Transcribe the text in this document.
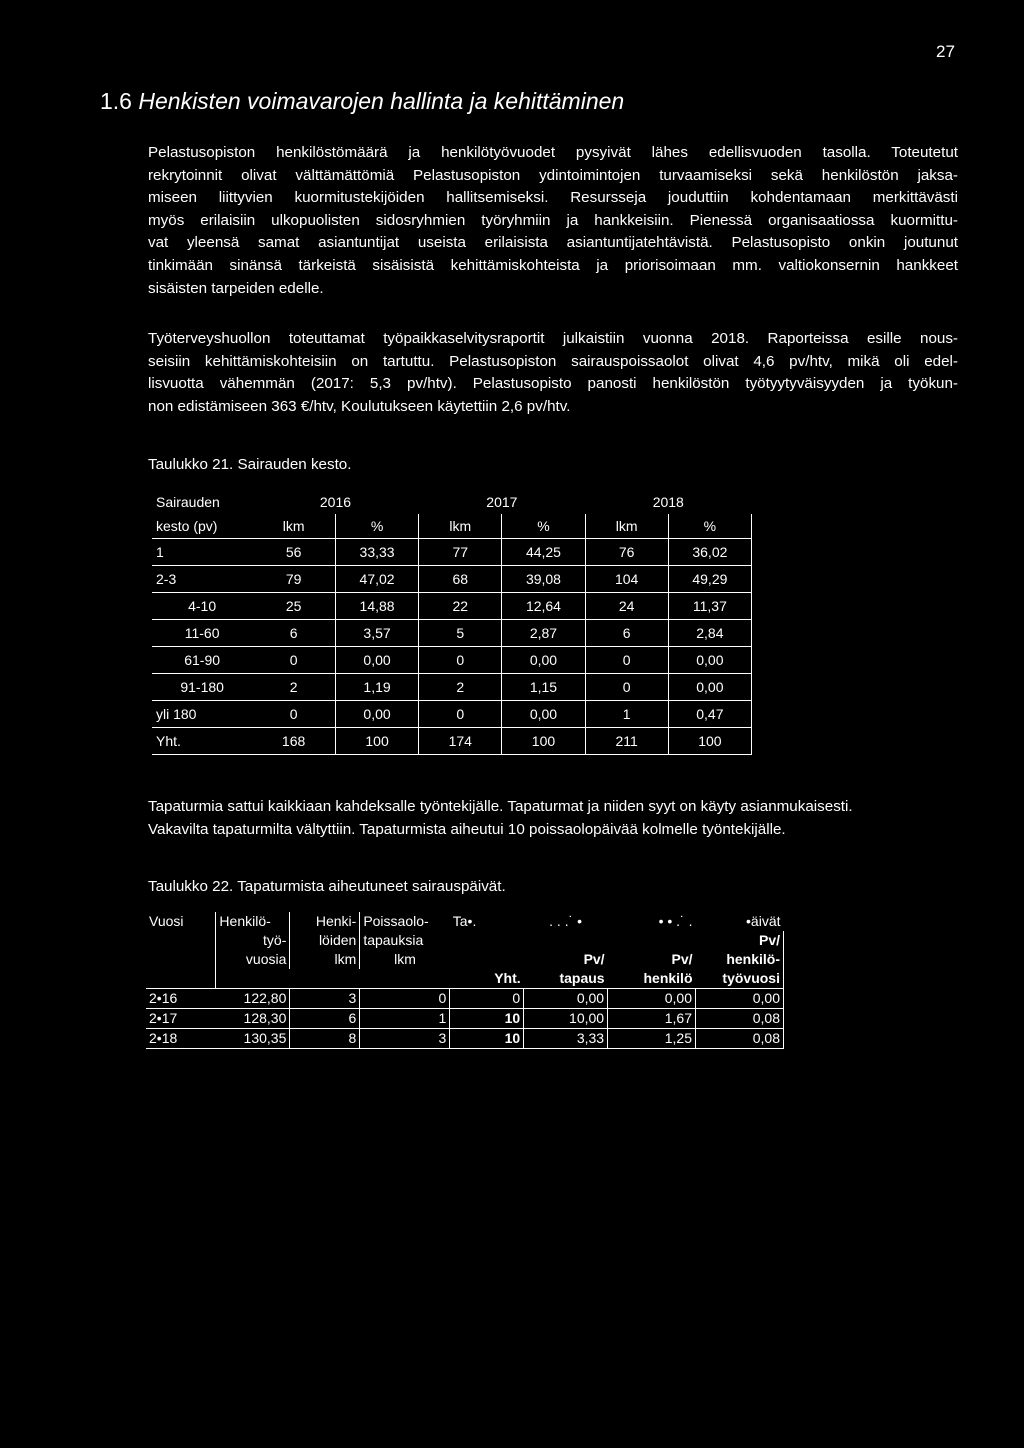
27
1.6 Henkisten voimavarojen hallinta ja kehittäminen
Pelastusopiston henkilöstömäärä ja henkilötyövuodet pysyivät lähes edellisvuoden tasolla. Toteutetut
rekrytoinnit olivat välttämättömiä Pelastusopiston ydintoimintojen turvaamiseksi sekä henkilöstön jaksa-
miseen liittyvien kuormitustekijöiden hallitsemiseksi. Resursseja jouduttiin kohdentamaan merkittävästi
myös erilaisiin ulkopuolisten sidosryhmien työryhmiin ja hankkeisiin. Pienessä organisaatiossa kuormittu-
vat yleensä samat asiantuntijat useista erilaisista asiantuntijatehtävistä. Pelastusopisto onkin joutunut
tinkimään sinänsä tärkeistä sisäisistä kehittämiskohteista ja priorisoimaan mm. valtiokonsernin hankkeet
sisäisten tarpeiden edelle.
Työterveyshuollon toteuttamat työpaikkaselvitysraportit julkaistiin vuonna 2018. Raporteissa esille nous-
seisiin kehittämiskohteisiin on tartuttu. Pelastusopiston sairauspoissaolot olivat 4,6 pv/htv, mikä oli edel-
lisvuotta vähemmän (2017: 5,3 pv/htv). Pelastusopisto panosti henkilöstön työtyytyväisyyden ja työkun-
non edistämiseen 363 €/htv, Koulutukseen käytettiin 2,6 pv/htv.
Taulukko 21. Sairauden kesto.
Sairauden	2016		2017		2018	
kesto (pv)	lkm	%	lkm	%	lkm	%
1	56	33,33	77	44,25	76	36,02
2-3	79	47,02	68	39,08	104	49,29
4-10	25	14,88	22	12,64	24	11,37
11-60	6	3,57	5	2,87	6	2,84
61-90	0	0,00	0	0,00	0	0,00
91-180	2	1,19	2	1,15	0	0,00
yli 180	0	0,00	0	0,00	1	0,47
Yht.	168	100	174	100	211	100
Tapaturmia sattui kaikkiaan kahdeksalle työntekijälle. Tapaturmat ja niiden syyt on käyty asianmukaisesti.
Vakavilta tapaturmilta vältyttiin. Tapaturmista aiheutui 10 poissaolopäivää kolmelle työntekijälle.
Taulukko 22. Tapaturmista aiheutuneet sairauspäivät.
Vuosi	Henkilö-	Henki-	Poissaolo-	Ta•.	. . .˙ •	• • .˙ .	•äivät
	työ-	löiden	tapauksia				Pv/
	vuosia	lkm	lkm		Pv/	Pv/	henkilö-
				Yht.	tapaus	henkilö	työvuosi
2•16	122,80	3	0	0	0,00	0,00	0,00
2•17	128,30	6	1	10	10,00	1,67	0,08
2•18	130,35	8	3	10	3,33	1,25	0,08
